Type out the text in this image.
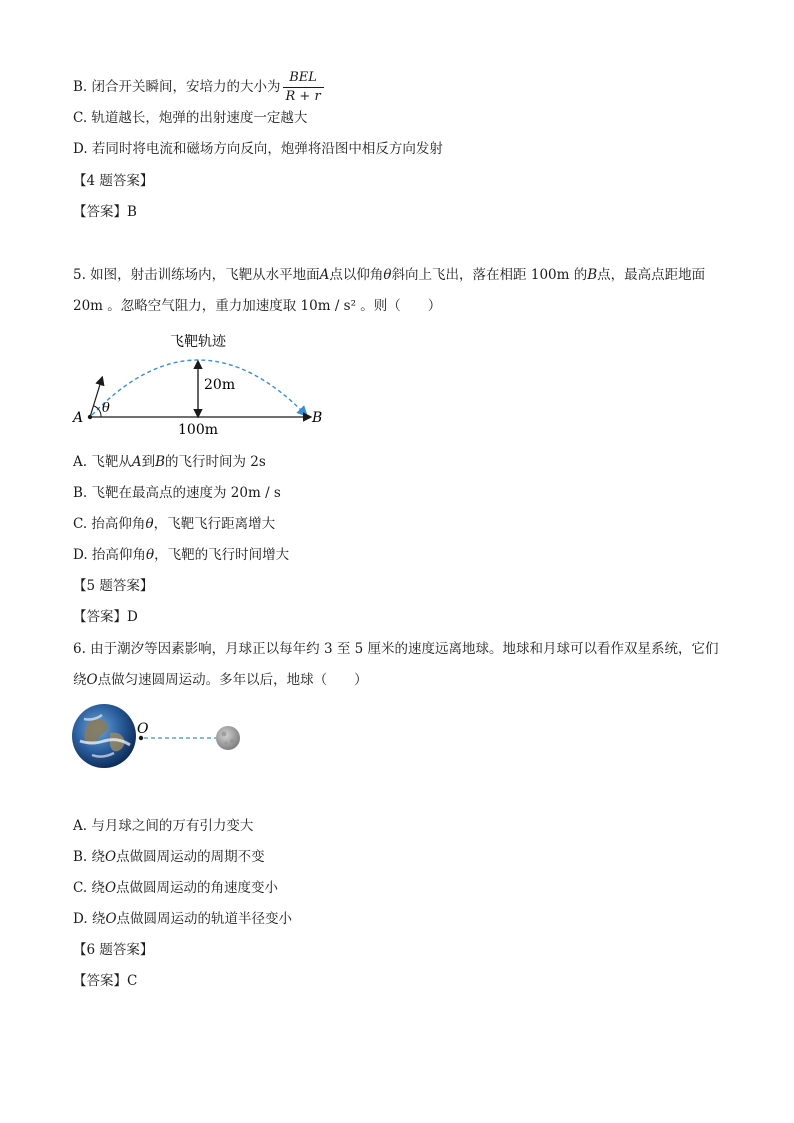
B. 闭合开关瞬间，安培力的大小为 $\frac{\text{BEL}}{R + r}$
C. 轨道越长，炮弹的出射速度一定越大
D. 若同时将电流和磁场方向反向，炮弹将沿图中相反方向发射
【4 题答案】
【答案】B
5. 如图，射击训练场内，飞靶从水平地面A点以仰角θ斜向上飞出，落在相距 100m 的B点，最高点距地面 20m 。忽略空气阻力，重力加速度取 10m / s² 。则（　　）
飞靶轨迹
20m
100m
A	B
θ
A. 飞靶从A到B的飞行时间为 2s
B. 飞靶在最高点的速度为 20m / s
C. 抬高仰角θ，飞靶飞行距离增大
D. 抬高仰角θ，飞靶的飞行时间增大
【5 题答案】
【答案】D
6. 由于潮汐等因素影响，月球正以每年约 3 至 5 厘米的速度远离地球。地球和月球可以看作双星系统，它们绕O点做匀速圆周运动。多年以后，地球（　　）
O
A. 与月球之间的万有引力变大
B. 绕O点做圆周运动的周期不变
C. 绕O点做圆周运动的角速度变小
D. 绕O点做圆周运动的轨道半径变小
【6 题答案】
【答案】C
